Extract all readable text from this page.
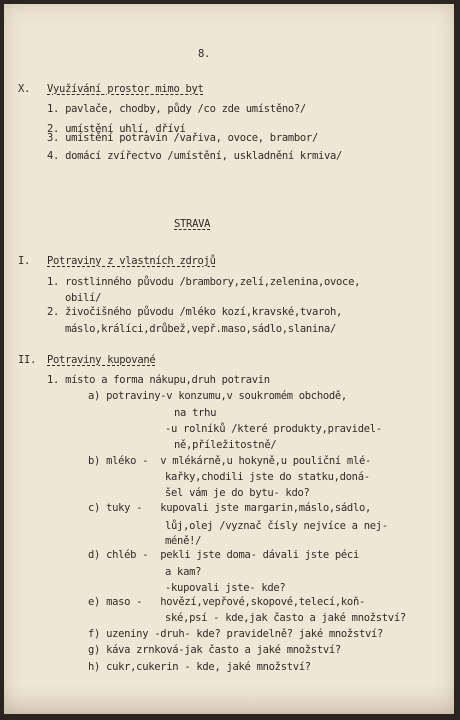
8.
X. Využívání prostor mimo byt
1. pavlače, chodby, půdy /co zde umístěno?/
2. umístění uhlí, dříví
3. umístění potravin /vařiva, ovoce, brambor/
4. domácí zvířectvo /umístění, uskladnění krmiva/
STRAVA
I. Potraviny z vlastních zdrojů
1. rostlinného původu /brambory,zelí,zelenina,ovoce,
obilí/
2. živočišného původu /mléko kozí,kravské,tvaroh,
máslo,králíci,drůbež,vepř.maso,sádlo,slanina/
II. Potraviny kupované
1. místo a forma nákupu,druh potravin
a) potraviny-v konzumu,v soukromém obchodě,
na trhu
-u rolníků /které produkty,pravidel-
ně,příležitostně/
b) mléko -  v mlékárně,u hokyně,u pouliční mlé-
kařky,chodili jste do statku,doná-
šel vám je do bytu- kdo?
c) tuky -   kupovali jste margarin,máslo,sádlo,
lůj,olej /vyznač čísly nejvíce a nej-
méně!/
d) chléb -  pekli jste doma- dávali jste péci
a kam?
-kupovali jste- kde?
e) maso -   hovězí,vepřové,skopové,telecí,koň-
ské,psí - kde,jak často a jaké množství?
f) uzeniny -druh- kde? pravidelně? jaké množství?
g) káva zrnková-jak často a jaké množství?
h) cukr,cukerin - kde, jaké množství?
